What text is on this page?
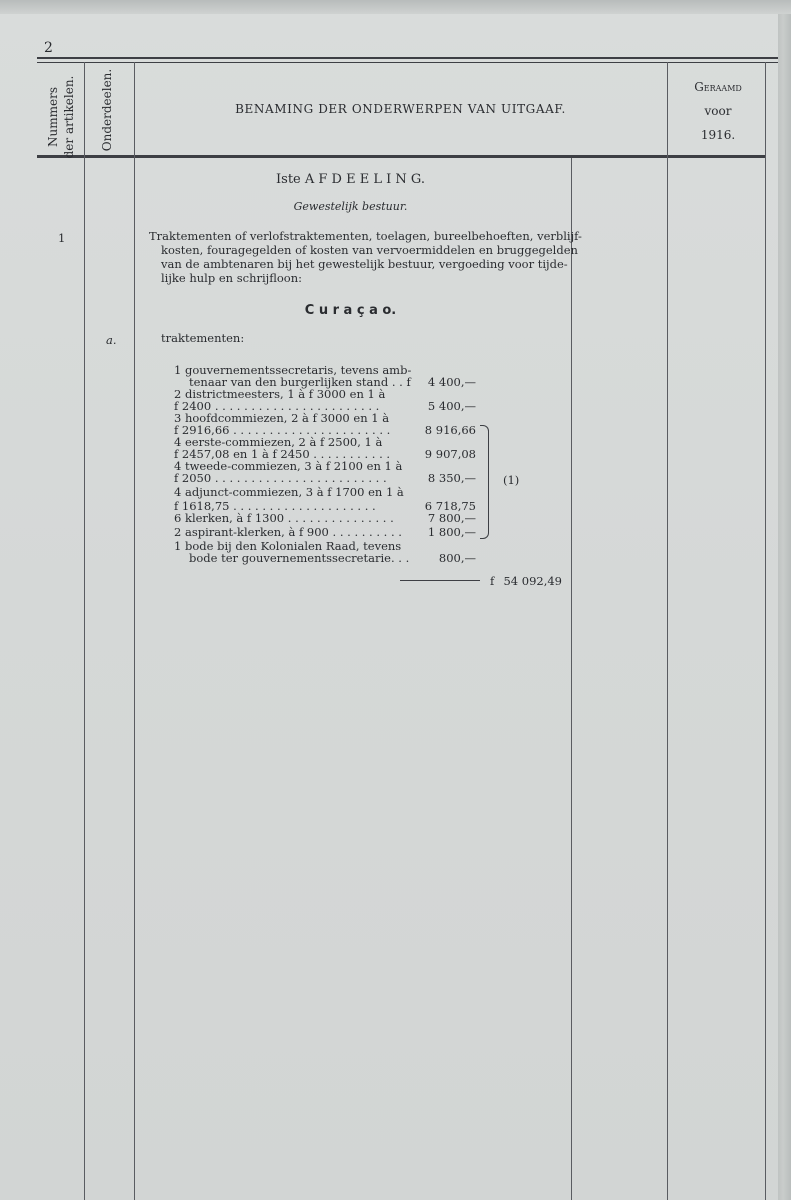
2

Nummers der artikelen. Onderdeelen.	BENAMING DER ONDERWERPEN VAN UITGAAF.
Geraamd
voor
1916.
Iste A F D E E L I N G.
Gewestelijk bestuur.
1	Traktementen of verlofstraktementen, toelagen, bureelbehoeften, verblijf-
kosten, fouragegelden of kosten van vervoermiddelen en bruggegelden
van de ambtenaren bij het gewestelijk bestuur, vergoeding voor tijde-
lijke hulp en schrijfloon:
C u r a ç a o.
a.	traktementen:
1 gouvernementssecretaris, tevens amb-
tenaar van den burgerlijken stand . . f	4 400,—
2 districtmeesters, 1 à f 3000 en 1 à
f 2400 . . . . . . . . . . . . . . . . . . . . . . .	5 400,—
3 hoofdcommiezen, 2 à f 3000 en 1 à
f 2916,66 . . . . . . . . . . . . . . . . . . . . . .	8 916,66
4 eerste-commiezen, 2 à f 2500, 1 à
f 2457,08 en 1 à f 2450 . . . . . . . . . . .	9 907,08
4 tweede-commiezen, 3 à f 2100 en 1 à
f 2050 . . . . . . . . . . . . . . . . . . . . . . . .	8 350,—
4 adjunct-commiezen, 3 à f 1700 en 1 à
f 1618,75 . . . . . . . . . . . . . . . . . . . .	6 718,75
6 klerken, à f 1300 . . . . . . . . . . . . . . .	7 800,—
2 aspirant-klerken, à f 900 . . . . . . . . . .	1 800,—
1 bode bij den Kolonialen Raad, tevens
bode ter gouvernementssecretarie. . .	800,—
(1)
f 54 092,49
